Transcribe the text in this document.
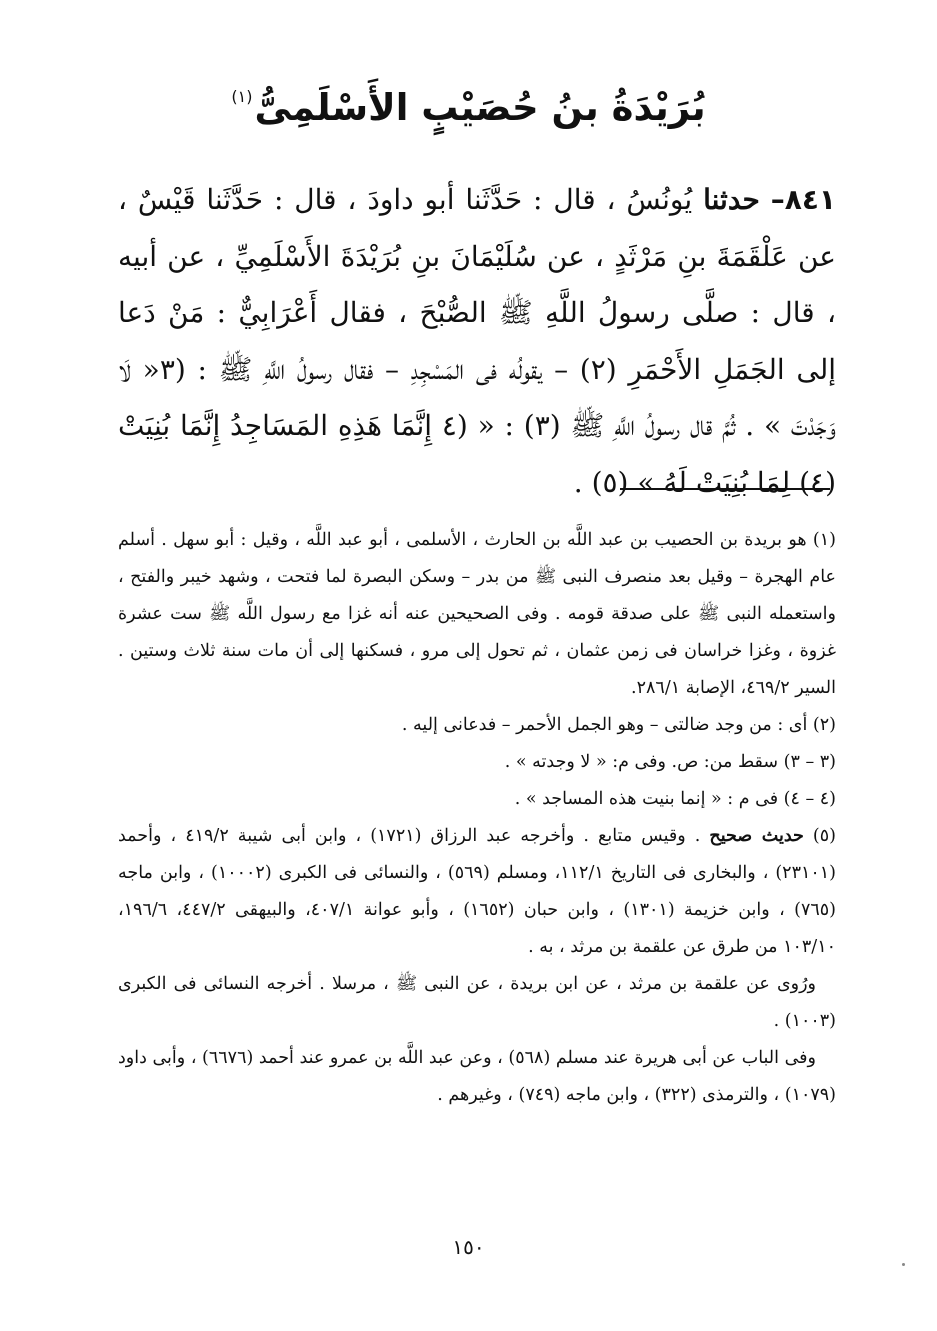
بُرَيْدَةُ بنُ حُصَيْبٍ الأَسْلَمِىُّ$^{(١)}$
٨٤١– حدثنا يُونُسُ ، قال : حَدَّثَنا أبو داودَ ، قال : حَدَّثَنا قَيْسٌ ، عن عَلْقَمَةَ بنِ مَرْثَدٍ ، عن سُلَيْمَانَ بنِ بُرَيْدَةَ الأَسْلَمِيِّ ، عن أبيه ، قال : صلَّى رسولُ اللَّهِ ﷺ الصُّبْحَ ، فقال أَعْرَابِيٌّ : مَنْ دَعا إلى الجَمَلِ الأَحْمَرِ (٢) – يقولُه فى المَسْجِدِ – فقال رسولُ اللَّهِ ﷺ : (٣« لَا وَجَدْتَ » . ثُمَّ قال رسولُ اللَّهِ ﷺ (٣) : « (٤ إِنَّمَا هَذِهِ المَسَاجِدُ إِنَّمَا بُنِيَتْ (٤) لِمَا بُنِيَتْ لَهُ » (٥) .

(١) هو بريدة بن الحصيب بن عبد اللَّه بن الحارث ، الأسلمى ، أبو عبد اللَّه ، وقيل : أبو سهل . أسلم عام الهجرة – وقيل بعد منصرف النبى ﷺ من بدر – وسكن البصرة لما فتحت ، وشهد خيبر والفتح ، واستعمله النبى ﷺ على صدقة قومه . وفى الصحيحين عنه أنه غزا مع رسول اللَّه ﷺ ست عشرة غزوة ، وغزا خراسان فى زمن عثمان ، ثم تحول إلى مرو ، فسكنها إلى أن مات سنة ثلاث وستين . السير ٤٦٩/٢، الإصابة ٢٨٦/١.

(٢) أى : من وجد ضالتى – وهو الجمل الأحمر – فدعانى إليه .

(٣ – ٣) سقط من: ص. وفى م: « لا وجدته » .

(٤ – ٤) فى م : « إنما بنيت هذه المساجد » .

(٥) حديث صحيح . وقيس متابع . وأخرجه عبد الرزاق (١٧٢١) ، وابن أبى شيبة ٤١٩/٢ ، وأحمد (٢٣١٠١) ، والبخارى فى التاريخ ١١٢/١، ومسلم (٥٦٩) ، والنسائى فى الكبرى (١٠٠٠٢) ، وابن ماجه (٧٦٥) ، وابن خزيمة (١٣٠١) ، وابن حبان (١٦٥٢) ، وأبو عوانة ٤٠٧/١، والبيهقى ٤٤٧/٢، ١٩٦/٦، ١٠٣/١٠ من طرق عن علقمة بن مرثد ، به .

ورُوى عن علقمة بن مرثد ، عن ابن بريدة ، عن النبى ﷺ ، مرسلا . أخرجه النسائى فى الكبرى (١٠٠٣) .

وفى الباب عن أبى هريرة عند مسلم (٥٦٨) ، وعن عبد اللَّه بن عمرو عند أحمد (٦٦٧٦) ، وأبى داود (١٠٧٩) ، والترمذى (٣٢٢) ، وابن ماجه (٧٤٩) ، وغيرهم .

١٥٠
